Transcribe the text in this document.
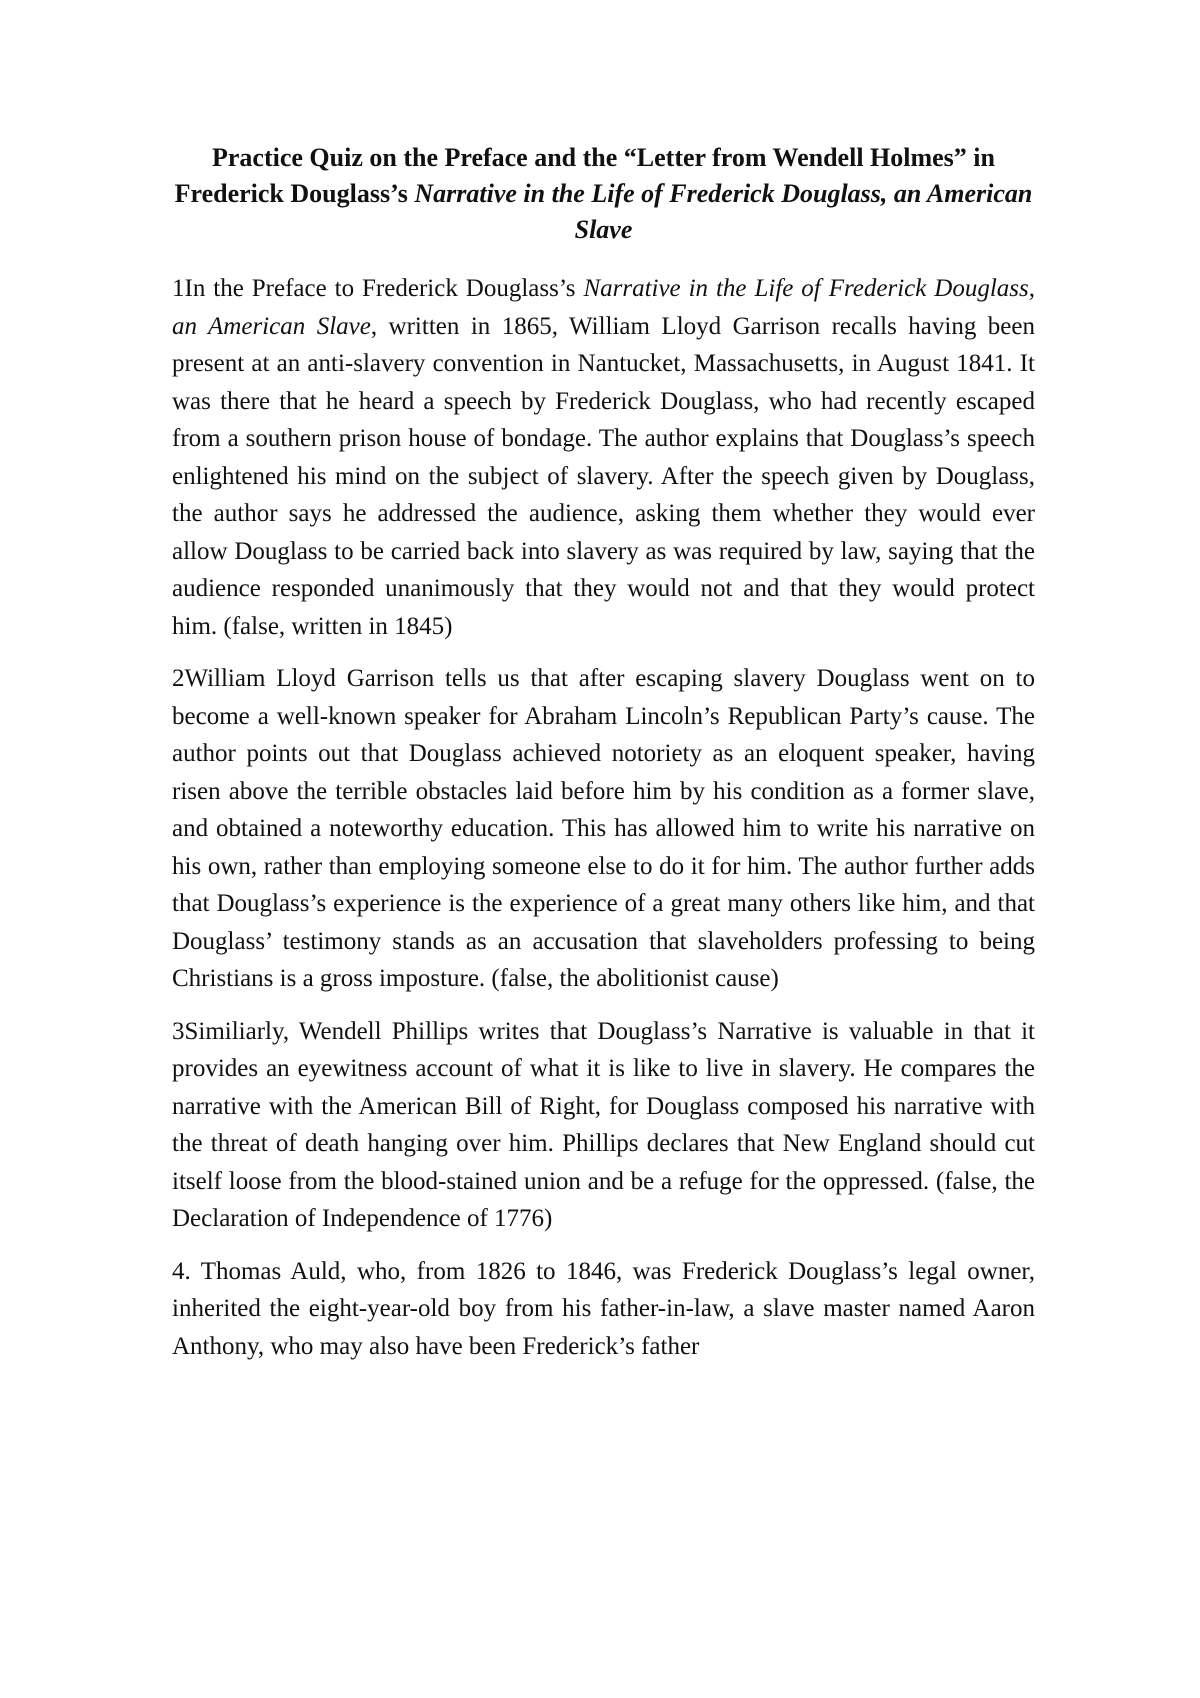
Practice Quiz on the Preface and the “Letter from Wendell Holmes” in
Frederick Douglass’s Narrative in the Life of Frederick Douglass, an American Slave

1In the Preface to Frederick Douglass’s Narrative in the Life of Frederick Douglass, an American Slave, written in 1865, William Lloyd Garrison recalls having been present at an anti-slavery convention in Nantucket, Massachusetts, in August 1841. It was there that he heard a speech by Frederick Douglass, who had recently escaped from a southern prison house of bondage. The author explains that Douglass’s speech enlightened his mind on the subject of slavery. After the speech given by Douglass, the author says he addressed the audience, asking them whether they would ever allow Douglass to be carried back into slavery as was required by law, saying that the audience responded unanimously that they would not and that they would protect him. (false, written in 1845)

2William Lloyd Garrison tells us that after escaping slavery Douglass went on to become a well-known speaker for Abraham Lincoln’s Republican Party’s cause. The author points out that Douglass achieved notoriety as an eloquent speaker, having risen above the terrible obstacles laid before him by his condition as a former slave, and obtained a noteworthy education. This has allowed him to write his narrative on his own, rather than employing someone else to do it for him. The author further adds that Douglass’s experience is the experience of a great many others like him, and that Douglass’ testimony stands as an accusation that slaveholders professing to being Christians is a gross imposture. (false, the abolitionist cause)

3Similiarly, Wendell Phillips writes that Douglass’s Narrative is valuable in that it provides an eyewitness account of what it is like to live in slavery. He compares the narrative with the American Bill of Right, for Douglass composed his narrative with the threat of death hanging over him. Phillips declares that New England should cut itself loose from the blood-stained union and be a refuge for the oppressed. (false, the Declaration of Independence of 1776)

4. Thomas Auld, who, from 1826 to 1846, was Frederick Douglass’s legal owner, inherited the eight-year-old boy from his father-in-law, a slave master named Aaron Anthony, who may also have been Frederick’s father
